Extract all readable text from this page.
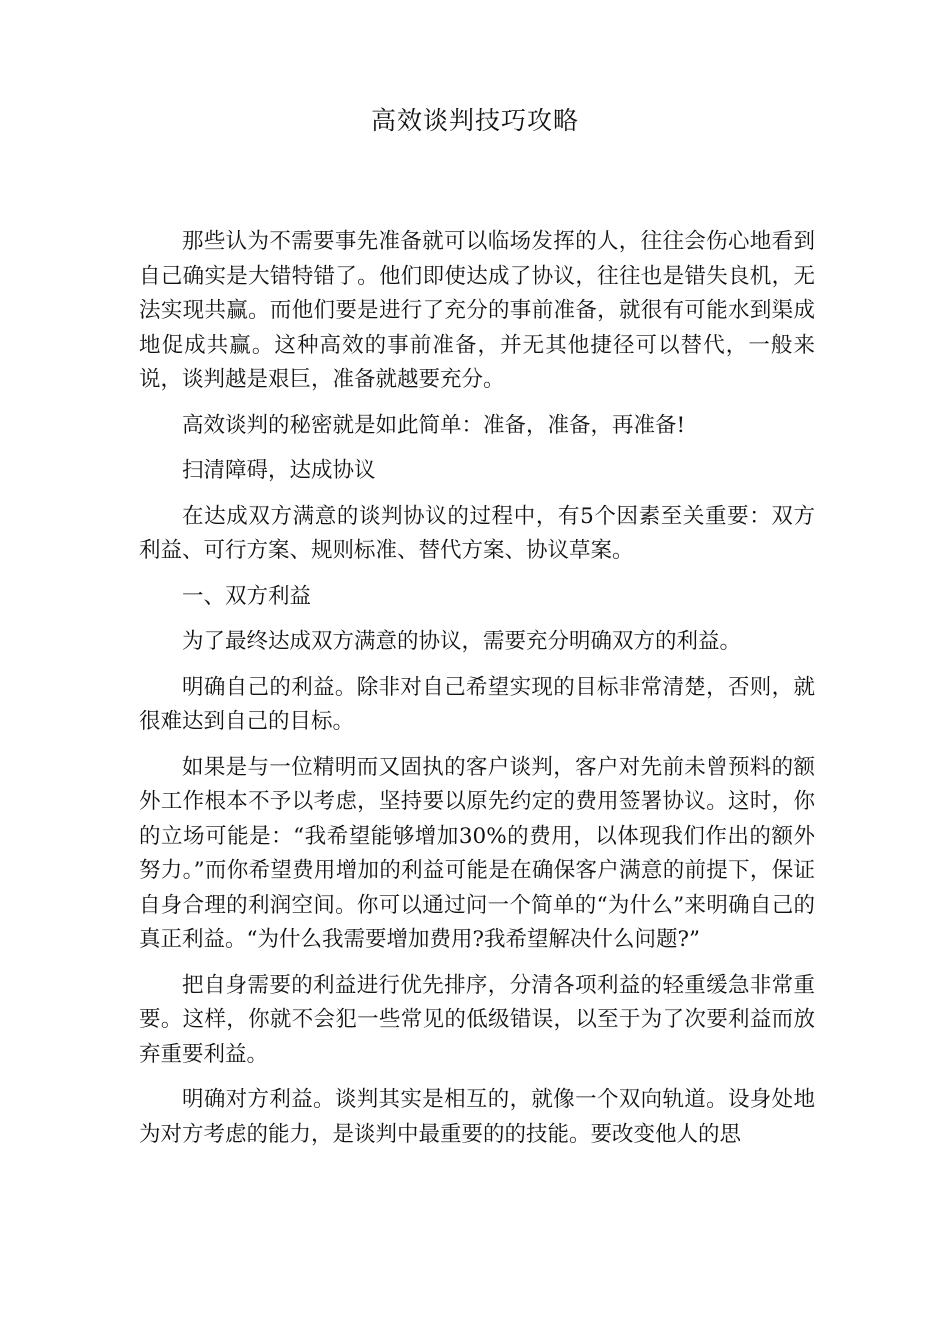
高效谈判技巧攻略

那些认为不需要事先准备就可以临场发挥的人，往往会伤心地看到自己确实是大错特错了。他们即使达成了协议，往往也是错失良机，无法实现共赢。而他们要是进行了充分的事前准备，就很有可能水到渠成地促成共赢。这种高效的事前准备，并无其他捷径可以替代，一般来说，谈判越是艰巨，准备就越要充分。

高效谈判的秘密就是如此简单：准备，准备，再准备!

扫清障碍，达成协议

在达成双方满意的谈判协议的过程中，有5个因素至关重要：双方利益、可行方案、规则标准、替代方案、协议草案。

一、双方利益

为了最终达成双方满意的协议，需要充分明确双方的利益。

明确自己的利益。除非对自己希望实现的目标非常清楚，否则，就很难达到自己的目标。

如果是与一位精明而又固执的客户谈判，客户对先前未曾预料的额外工作根本不予以考虑，坚持要以原先约定的费用签署协议。这时，你的立场可能是：“我希望能够增加30%的费用，以体现我们作出的额外努力。”而你希望费用增加的利益可能是在确保客户满意的前提下，保证自身合理的利润空间。你可以通过问一个简单的“为什么”来明确自己的真正利益。“为什么我需要增加费用?我希望解决什么问题?”

把自身需要的利益进行优先排序，分清各项利益的轻重缓急非常重要。这样，你就不会犯一些常见的低级错误，以至于为了次要利益而放弃重要利益。

明确对方利益。谈判其实是相互的，就像一个双向轨道。设身处地为对方考虑的能力，是谈判中最重要的的技能。要改变他人的思
